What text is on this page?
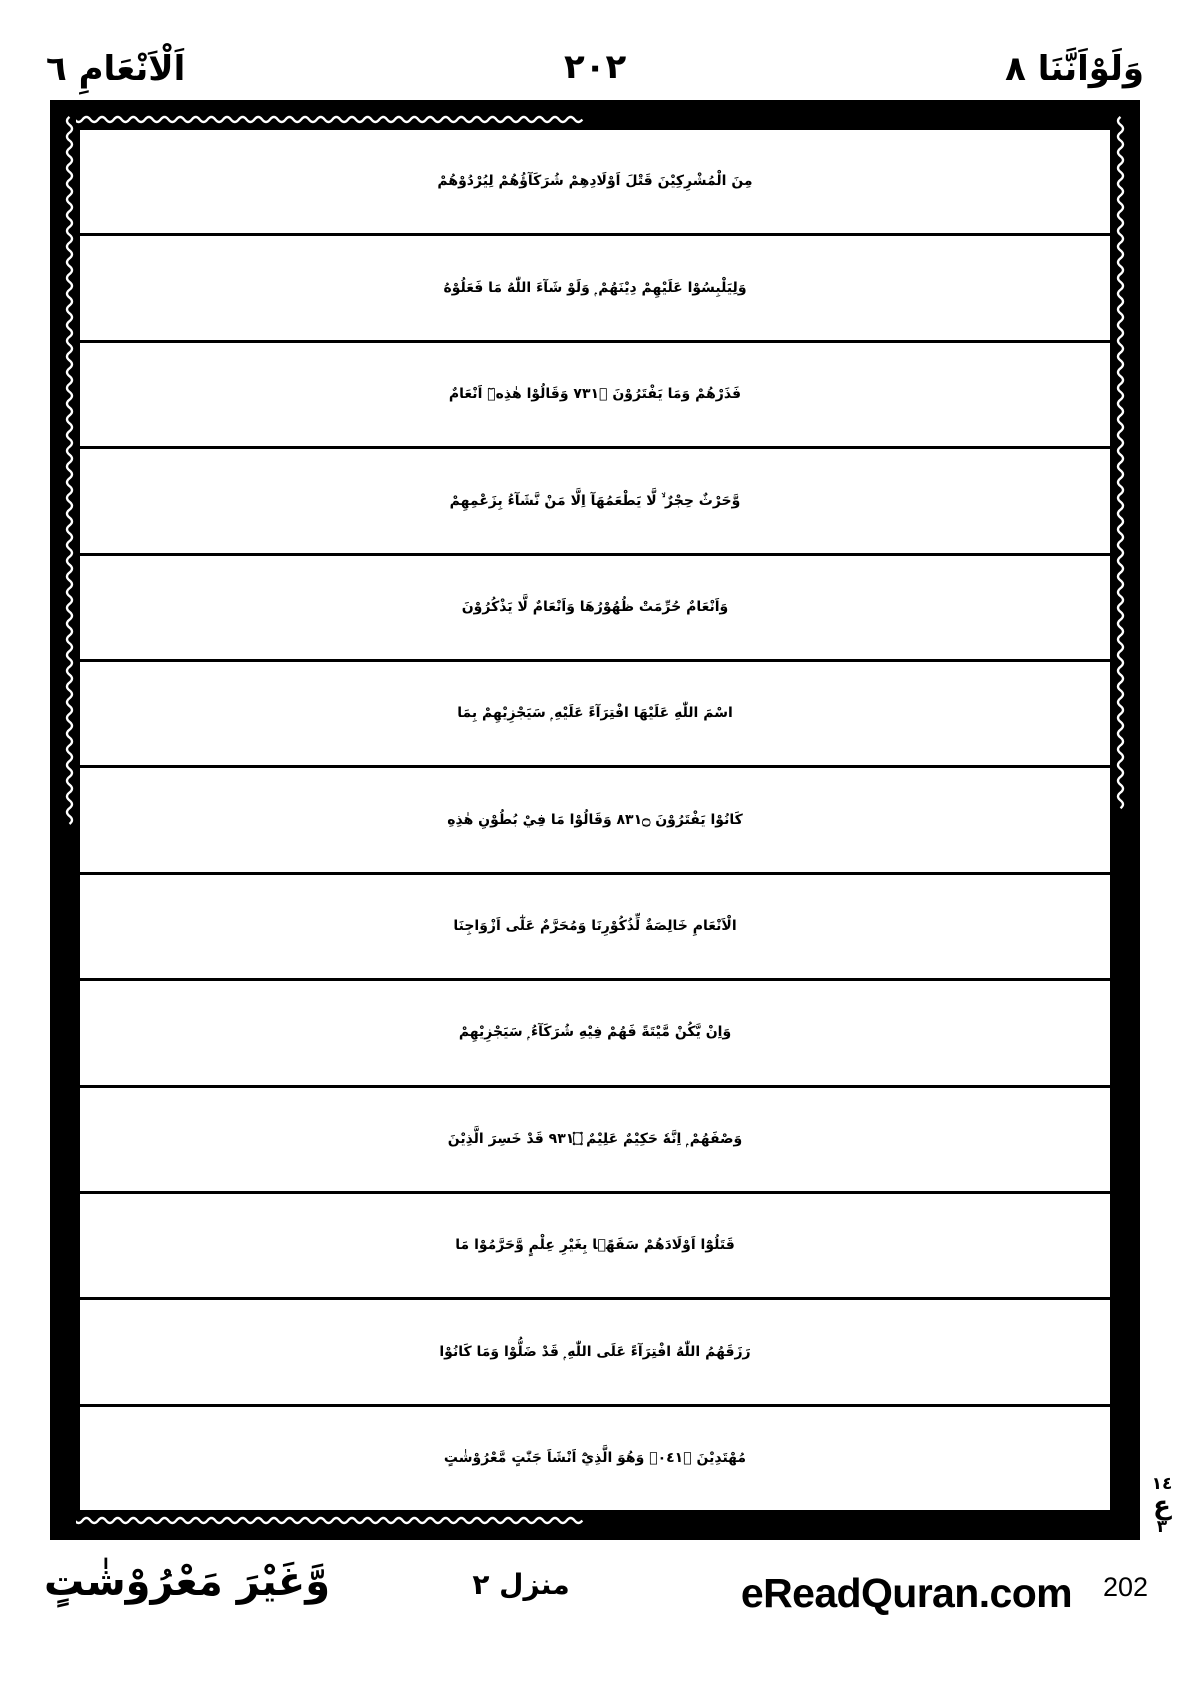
اَلْاَنْعَامِ ٦	٢٠٢	وَلَوْاَنَّنَا ٨
مِنَ الْمُشْرِكِيْنَ قَتْلَ اَوْلَادِهِمْ شُرَكَآؤُهُمْ لِيُرْدُوْهُمْ
وَلِيَلْبِسُوْا عَلَيْهِمْ دِيْنَهُمْ ۭ وَلَوْ شَآءَ اللّٰهُ مَا فَعَلُوْهُ
فَذَرْهُمْ وَمَا يَفْتَرُوْنَ ۝١٣٧ وَقَالُوْا هٰذِهٖٓ اَنْعَامٌ
وَّحَرْثٌ حِجْرٌ ۙ لَّا يَطْعَمُهَآ اِلَّا مَنْ نَّشَآءُ بِزَعْمِهِمْ
وَاَنْعَامٌ حُرِّمَتْ ظُهُوْرُهَا وَاَنْعَامٌ لَّا يَذْكُرُوْنَ
اسْمَ اللّٰهِ عَلَيْهَا افْتِرَآءً عَلَيْهِ ۭ سَيَجْزِيْهِمْ بِمَا
كَانُوْا يَفْتَرُوْنَ ۝١٣٨ وَقَالُوْا مَا فِيْ بُطُوْنِ هٰذِهِ
الْاَنْعَامِ خَالِصَةٌ لِّذُكُوْرِنَا وَمُحَرَّمٌ عَلٰٓى اَزْوَاجِنَا
وَاِنْ يَّكُنْ مَّيْتَةً فَهُمْ فِيْهِ شُرَكَآءُ ۭ سَيَجْزِيْهِمْ
وَصْفَهُمْ ۭ اِنَّهٗ حَكِيْمٌ عَلِيْمٌ ۝١٣٩ قَدْ خَسِرَ الَّذِيْنَ
قَتَلُوْٓا اَوْلَادَهُمْ سَفَهًۢا بِغَيْرِ عِلْمٍ وَّحَرَّمُوْا مَا
رَزَقَهُمُ اللّٰهُ افْتِرَآءً عَلَى اللّٰهِ ۭ قَدْ ضَلُّوْا وَمَا كَانُوْا
مُهْتَدِيْنَ ۝١٤٠ۧ وَهُوَ الَّذِيْٓ اَنْشَاَ جَنّٰتٍ مَّعْرُوْشٰتٍ
١٤
ع
٣
وَّغَيْرَ مَعْرُوْشٰتٍ	منزل ٢	eReadQuran.com 202
